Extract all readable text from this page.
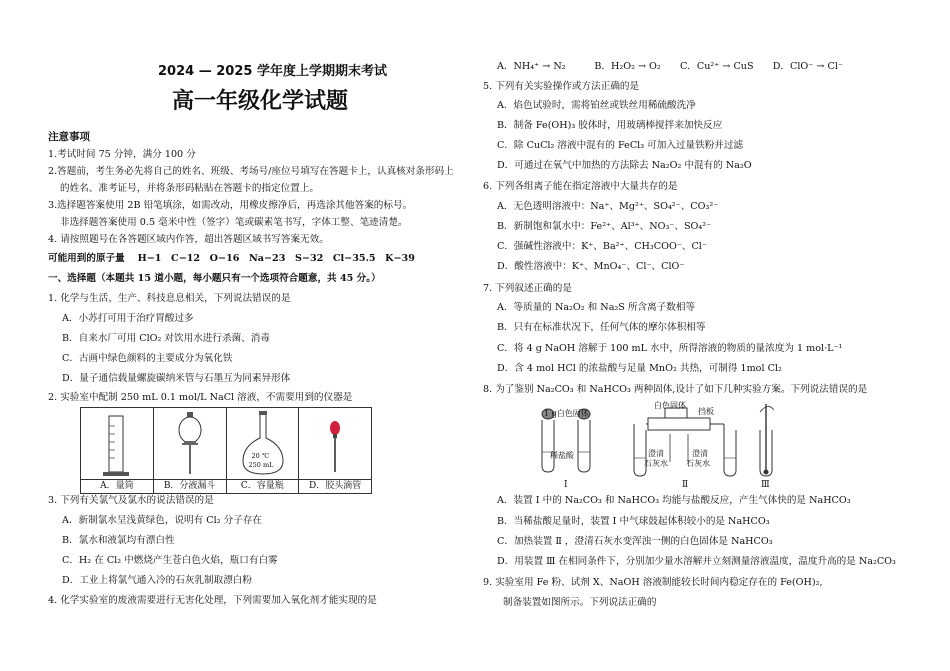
2024 — 2025 学年度上学期期末考试
高一年级化学试题
注意事项
1.考试时间 75 分钟，满分 100 分
2.答题前，考生务必先将自己的姓名、班级、考场号/座位号填写在答题卡上，认真核对条形码上
的姓名、准考证号，并将条形码粘贴在答题卡的指定位置上。
3.选择题答案使用 2B 铅笔填涂，如需改动，用橡皮擦净后，再选涂其他答案的标号。
非选择题答案使用 0.5 毫米中性（签字）笔或碳素笔书写，字体工整、笔迹清楚。
4. 请按照题号在各答题区域内作答，超出答题区域书写答案无效。
可能用到的原子量　 H−1　C−12　O−16　Na−23　S−32　Cl−35.5　K−39
一、选择题（本题共 15 道小题，每小题只有一个选项符合题意，共 45 分。）
1. 化学与生活、生产、科技息息相关，下列说法错误的是
A．小苏打可用于治疗胃酸过多
B．自来水厂可用 ClO₂ 对饮用水进行杀菌、消毒
C．古画中绿色颜料的主要成分为氧化铁
D．量子通信载量螺旋碳纳米管与石墨互为同素异形体
2. 实验室中配制 250 mL 0.1 mol/L NaCl 溶液，不需要用到的仪器是
3. 下列有关氯气及氯水的说法错误的是
A．新制氯水呈浅黄绿色，说明有 Cl₂ 分子存在
B．氯水和液氯均有漂白性
C．H₂ 在 Cl₂ 中燃烧产生苍白色火焰，瓶口有白雾
D．工业上将氯气通入冷的石灰乳制取漂白粉
4. 化学实验室的废液需要进行无害化处理，下列需要加入氧化剂才能实现的是
A．量筒	B．分液漏斗
20 ℃
250 mL
C．容量瓶	D．胶头滴管
A．NH₄⁺ → N₂　　　B．H₂O₂ → O₂　　C．Cu²⁺ → CuS　　D．ClO⁻ → Cl⁻
5. 下列有关实验操作或方法正确的是
A．焰色试验时，需将铂丝或铁丝用稀硫酸洗净
B．制备 Fe(OH)₃ 胶体时，用玻璃棒搅拌来加快反应
C．除 CuCl₂ 溶液中混有的 FeCl₃ 可加入过量铁粉并过滤
D．可通过在氧气中加热的方法除去 Na₂O₂ 中混有的 Na₂O
6. 下列各组离子能在指定溶液中大量共存的是
A．无色透明溶液中：Na⁺、Mg²⁺、SO₄²⁻、CO₃²⁻
B．新制饱和氯水中：Fe²⁺、Al³⁺、NO₃⁻、SO₄²⁻
C．强碱性溶液中：K⁺、Ba²⁺、CH₃COO⁻、Cl⁻
D．酸性溶液中：K⁺、MnO₄⁻、Cl⁻、ClO⁻
7. 下列叙述正确的是
A．等质量的 Na₂O₂ 和 Na₂S 所含离子数相等
B．只有在标准状况下，任何气体的摩尔体积相等
C．将 4 g NaOH 溶解于 100 mL 水中，所得溶液的物质的量浓度为 1 mol·L⁻¹
D．含 4 mol HCl 的浓盐酸与足量 MnO₂ 共热，可制得 1mol Cl₂
8. 为了鉴别 Na₂CO₃ 和 NaHCO₃ 两种固体,设计了如下几种实验方案。下列说法错误的是
A．装置 Ⅰ 中的 Na₂CO₃ 和 NaHCO₃ 均能与盐酸反应，产生气体快的是 NaHCO₃
B．当稀盐酸足量时，装置 Ⅰ 中气球鼓起体积较小的是 NaHCO₃
C．加热装置 Ⅱ ，澄清石灰水变浑浊一侧的白色固体是 NaHCO₃
D．用装置 Ⅲ 在相同条件下，分别加少量水溶解并立刻测量溶液温度，温度升高的是 Na₂CO₃
9. 实验室用 Fe 粉、试剂 X、NaOH 溶液制能较长时间内稳定存在的 Fe(OH)₂,
制备装置如图所示。下列说法正确的
1 g白色固体
稀盐酸
白色固体
挡板
澄清
石灰水
澄清
石灰水
Ⅰ	Ⅱ	Ⅲ
